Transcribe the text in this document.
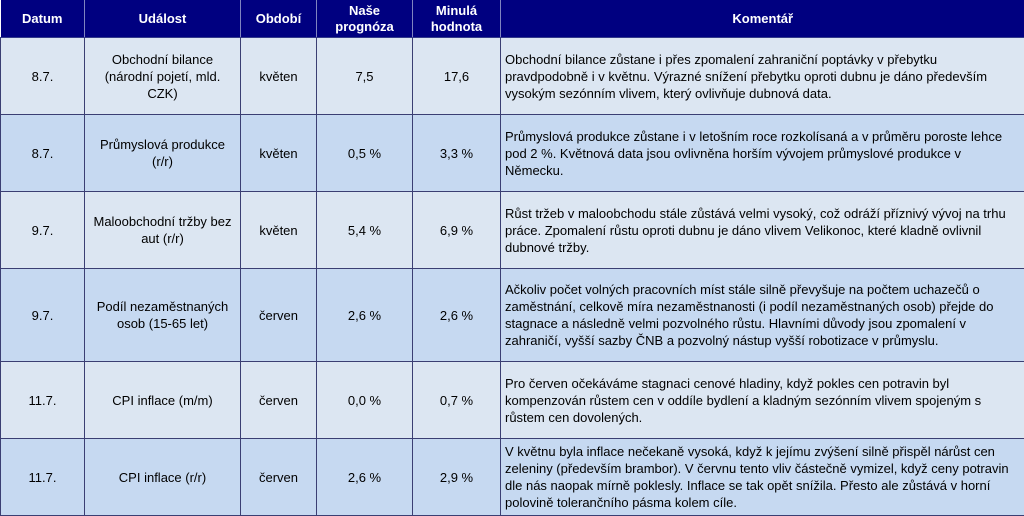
Datum	Událost	Období	Naše prognóza	Minulá hodnota	Komentář
8.7.	Obchodní bilance (národní pojetí, mld. CZK)	květen	7,5	17,6	Obchodní bilance zůstane i přes zpomalení zahraniční poptávky v přebytku pravdpodobně i v květnu. Výrazné snížení přebytku oproti dubnu je dáno především vysokým sezónním vlivem, který ovlivňuje dubnová data.
8.7.	Průmyslová produkce (r/r)	květen	0,5 %	3,3 %	Průmyslová produkce zůstane i v letošním roce rozkolísaná a v průměru poroste lehce pod 2 %. Květnová data jsou ovlivněna horším vývojem průmyslové produkce v Německu.
9.7.	Maloobchodní tržby bez aut (r/r)	květen	5,4 %	6,9 %	Růst tržeb v maloobchodu stále zůstává velmi vysoký, což odráží příznivý vývoj na trhu práce. Zpomalení růstu oproti dubnu je dáno vlivem Velikonoc, které kladně ovlivnil dubnové tržby.
9.7.	Podíl nezaměstnaných osob (15-65 let)	červen	2,6 %	2,6 %	Ačkoliv počet volných pracovních míst stále silně převyšuje na počtem uchazečů o zaměstnání, celkově míra nezaměstnanosti (i podíl nezaměstnaných osob) přejde do stagnace a následně velmi pozvolného růstu. Hlavními důvody jsou zpomalení v zahraničí, vyšší sazby ČNB a pozvolný nástup vyšší robotizace v průmyslu.
11.7.	CPI inflace (m/m)	červen	0,0 %	0,7 %	Pro červen očekáváme stagnaci cenové hladiny, když pokles cen potravin byl kompenzován růstem cen v oddíle bydlení a kladným sezónním vlivem spojeným s růstem cen dovolených.
11.7.	CPI inflace (r/r)	červen	2,6 %	2,9 %	V květnu byla inflace nečekaně vysoká, když k jejímu zvýšení silně přispěl nárůst cen zeleniny (především brambor). V červnu tento vliv částečně vymizel, když ceny potravin dle nás naopak mírně poklesly. Inflace se tak opět snížila. Přesto ale zůstává v horní polovině tolerančního pásma kolem cíle.
